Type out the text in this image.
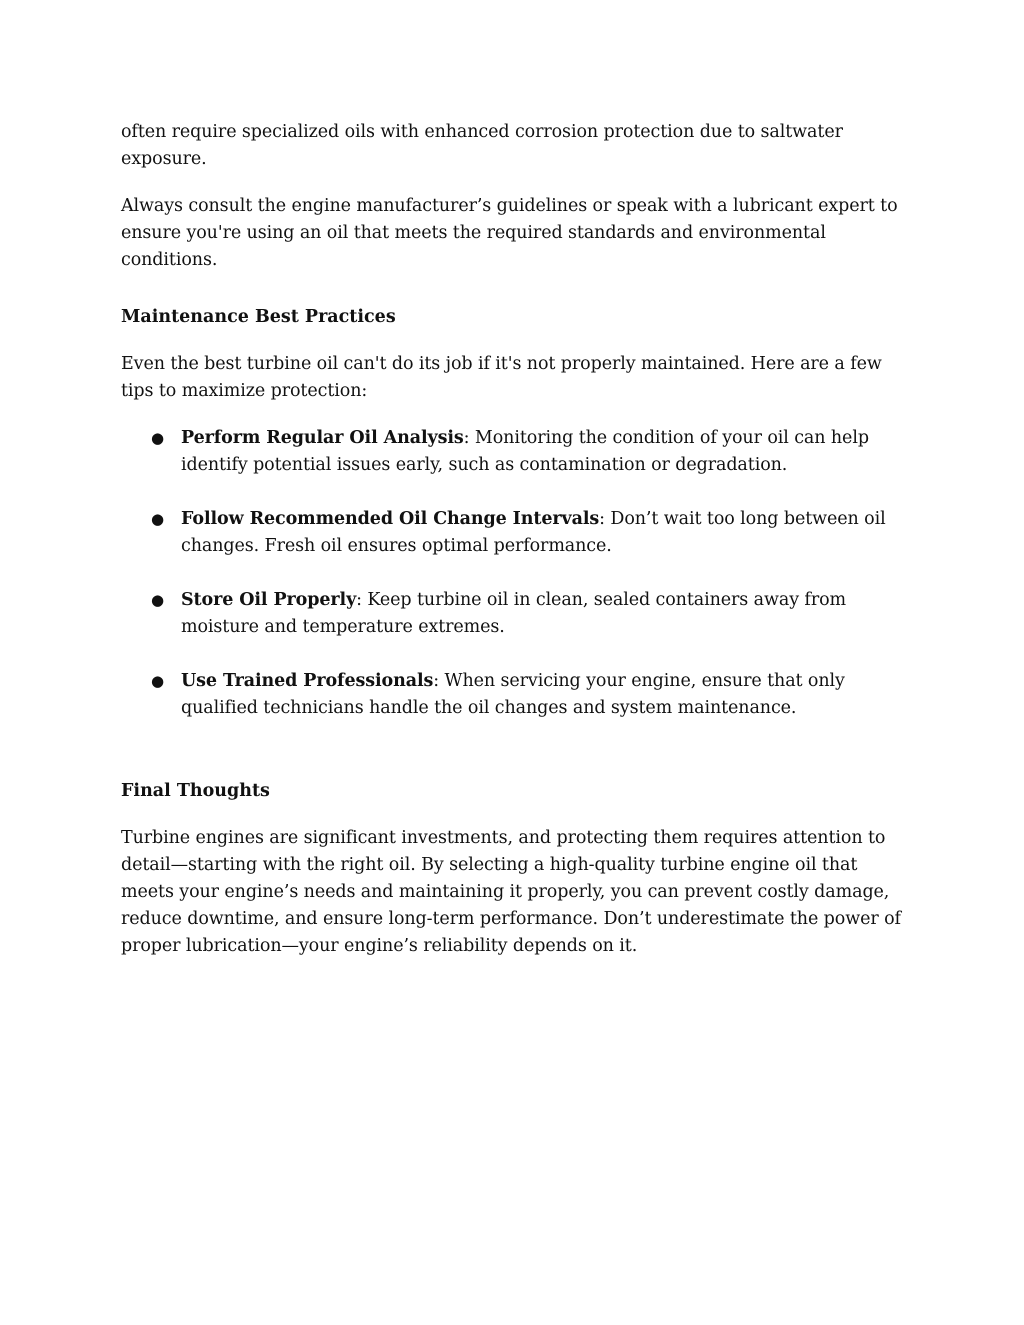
often require specialized oils with enhanced corrosion protection due to saltwater exposure.

Always consult the engine manufacturer’s guidelines or speak with a lubricant expert to ensure you're using an oil that meets the required standards and environmental conditions.

Maintenance Best Practices

Even the best turbine oil can't do its job if it's not properly maintained. Here are a few tips to maximize protection:

● Perform Regular Oil Analysis: Monitoring the condition of your oil can help identify potential issues early, such as contamination or degradation.
● Follow Recommended Oil Change Intervals: Don’t wait too long between oil changes. Fresh oil ensures optimal performance.
● Store Oil Properly: Keep turbine oil in clean, sealed containers away from moisture and temperature extremes.
● Use Trained Professionals: When servicing your engine, ensure that only qualified technicians handle the oil changes and system maintenance.
Final Thoughts

Turbine engines are significant investments, and protecting them requires attention to detail—starting with the right oil. By selecting a high-quality turbine engine oil that meets your engine’s needs and maintaining it properly, you can prevent costly damage, reduce downtime, and ensure long-term performance. Don’t underestimate the power of proper lubrication—your engine’s reliability depends on it.
